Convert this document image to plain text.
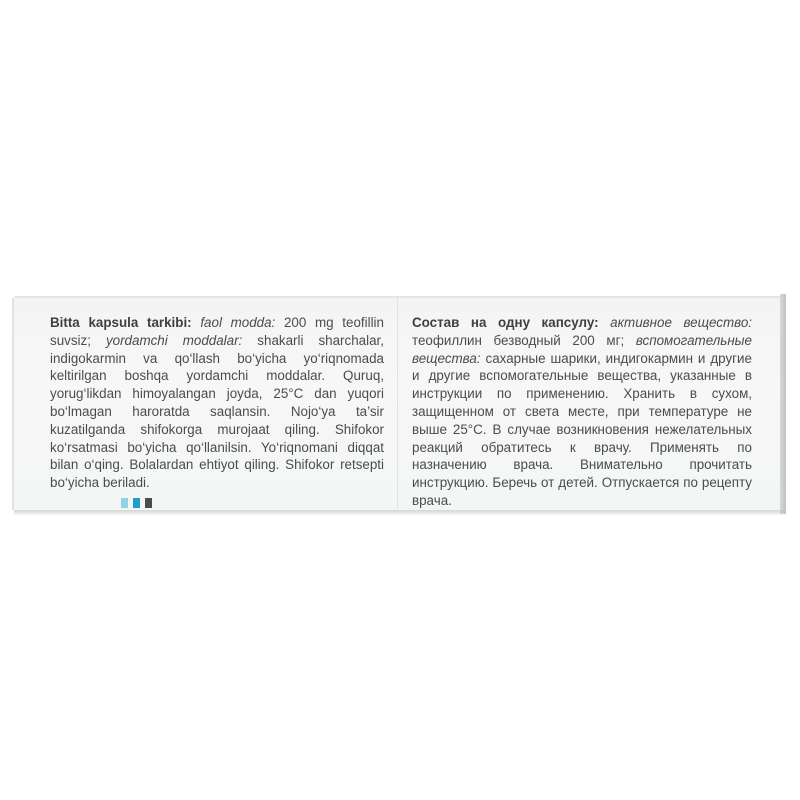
Bitta kapsula tarkibi: faol modda: 200 mg teofillin suvsiz; yordamchi moddalar: shakarli sharchalar, indigokarmin va qo‘llash bo‘yicha yo‘riqnomada keltirilgan boshqa yordamchi moddalar. Quruq, yorug‘likdan himoyalangan joyda, 25°C dan yuqori bo‘lmagan haroratda saqlansin. Nojo‘ya ta’sir kuzatilganda shifokorga murojaat qiling. Shifokor ko‘rsatmasi bo‘yicha qo‘llanilsin. Yo‘riqnomani diqqat bilan o‘qing. Bolalardan ehtiyot qiling. Shifokor retsepti bo‘yicha beriladi.
Состав на одну капсулу: активное вещество: теофиллин безводный 200 мг; вспомогательные вещества: сахарные шарики, индигокармин и другие и другие вспомогательные вещества, указанные в инструкции по применению. Хранить в сухом, защищенном от света месте, при температуре не выше 25°C. В случае возникновения нежелательных реакций обратитесь к врачу. Применять по назначению врача. Внимательно прочитать инструкцию. Беречь от детей. Отпускается по рецепту врача.
